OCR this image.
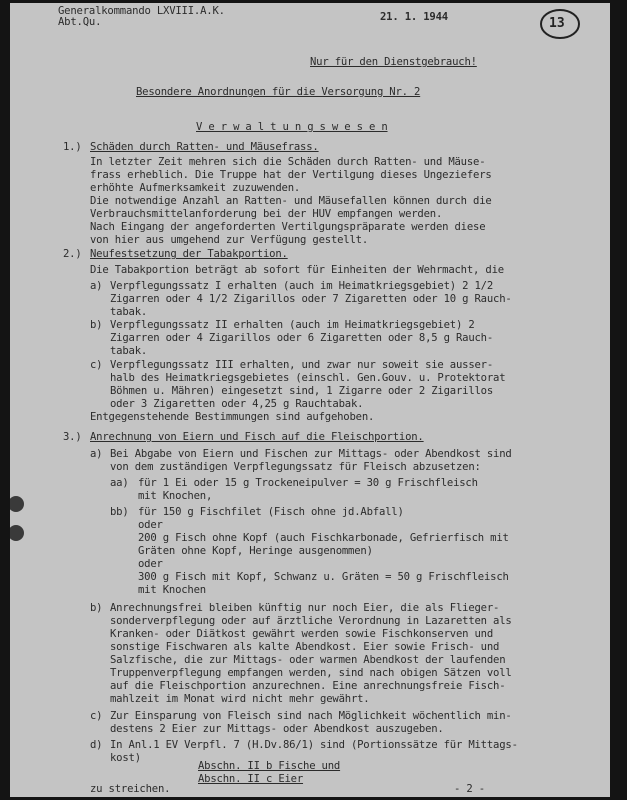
Generalkommando LXVIII.A.K.
Abt.Qu.	21. 1. 1944	13
Nur für den Dienstgebrauch!
Besondere Anordnungen für die Versorgung Nr. 2
V e r w a l t u n g s w e s e n
1.) Schäden durch Ratten- und Mäusefrass.
In letzter Zeit mehren sich die Schäden durch Ratten- und Mäuse-
frass erheblich. Die Truppe hat der Vertilgung dieses Ungeziefers
erhöhte Aufmerksamkeit zuzuwenden.
Die notwendige Anzahl an Ratten- und Mäusefallen können durch die
Verbrauchsmittelanforderung bei der HUV empfangen werden.
Nach Eingang der angeforderten Vertilgungspräparate werden diese
von hier aus umgehend zur Verfügung gestellt.
2.) Neufestsetzung der Tabakportion.
Die Tabakportion beträgt ab sofort für Einheiten der Wehrmacht, die
a) Verpflegungssatz I erhalten (auch im Heimatkriegsgebiet) 2 1/2
Zigarren oder 4 1/2 Zigarillos oder 7 Zigaretten oder 10 g Rauch-
tabak.
b) Verpflegungssatz II erhalten (auch im Heimatkriegsgebiet) 2
Zigarren oder 4 Zigarillos oder 6 Zigaretten oder 8,5 g Rauch-
tabak.
c) Verpflegungssatz III erhalten, und zwar nur soweit sie ausser-
halb des Heimatkriegsgebietes (einschl. Gen.Gouv. u. Protektorat
Böhmen u. Mähren) eingesetzt sind, 1 Zigarre oder 2 Zigarillos
oder 3 Zigaretten oder 4,25 g Rauchtabak.
Entgegenstehende Bestimmungen sind aufgehoben.
3.) Anrechnung von Eiern und Fisch auf die Fleischportion.
a) Bei Abgabe von Eiern und Fischen zur Mittags- oder Abendkost sind
von dem zuständigen Verpflegungssatz für Fleisch abzusetzen:
aa) für 1 Ei oder 15 g Trockeneipulver = 30 g Frischfleisch
mit Knochen,
bb) für 150 g Fischfilet (Fisch ohne jd.Abfall)
oder
200 g Fisch ohne Kopf (auch Fischkarbonade, Gefrierfisch mit
Gräten ohne Kopf, Heringe ausgenommen)
oder
300 g Fisch mit Kopf, Schwanz u. Gräten = 50 g Frischfleisch
mit Knochen
b) Anrechnungsfrei bleiben künftig nur noch Eier, die als Flieger-
sonderverpflegung oder auf ärztliche Verordnung in Lazaretten als
Kranken- oder Diätkost gewährt werden sowie Fischkonserven und
sonstige Fischwaren als kalte Abendkost. Eier sowie Frisch- und
Salzfische, die zur Mittags- oder warmen Abendkost der laufenden
Truppenverpflegung empfangen werden, sind nach obigen Sätzen voll
auf die Fleischportion anzurechnen. Eine anrechnungsfreie Fisch-
mahlzeit im Monat wird nicht mehr gewährt.
c) Zur Einsparung von Fleisch sind nach Möglichkeit wöchentlich min-
destens 2 Eier zur Mittags- oder Abendkost auszugeben.
d) In Anl.1 EV Verpfl. 7 (H.Dv.86/1) sind (Portionssätze für Mittags-
kost)
Abschn. II b Fische und
Abschn. II c Eier
zu streichen.	- 2 -
